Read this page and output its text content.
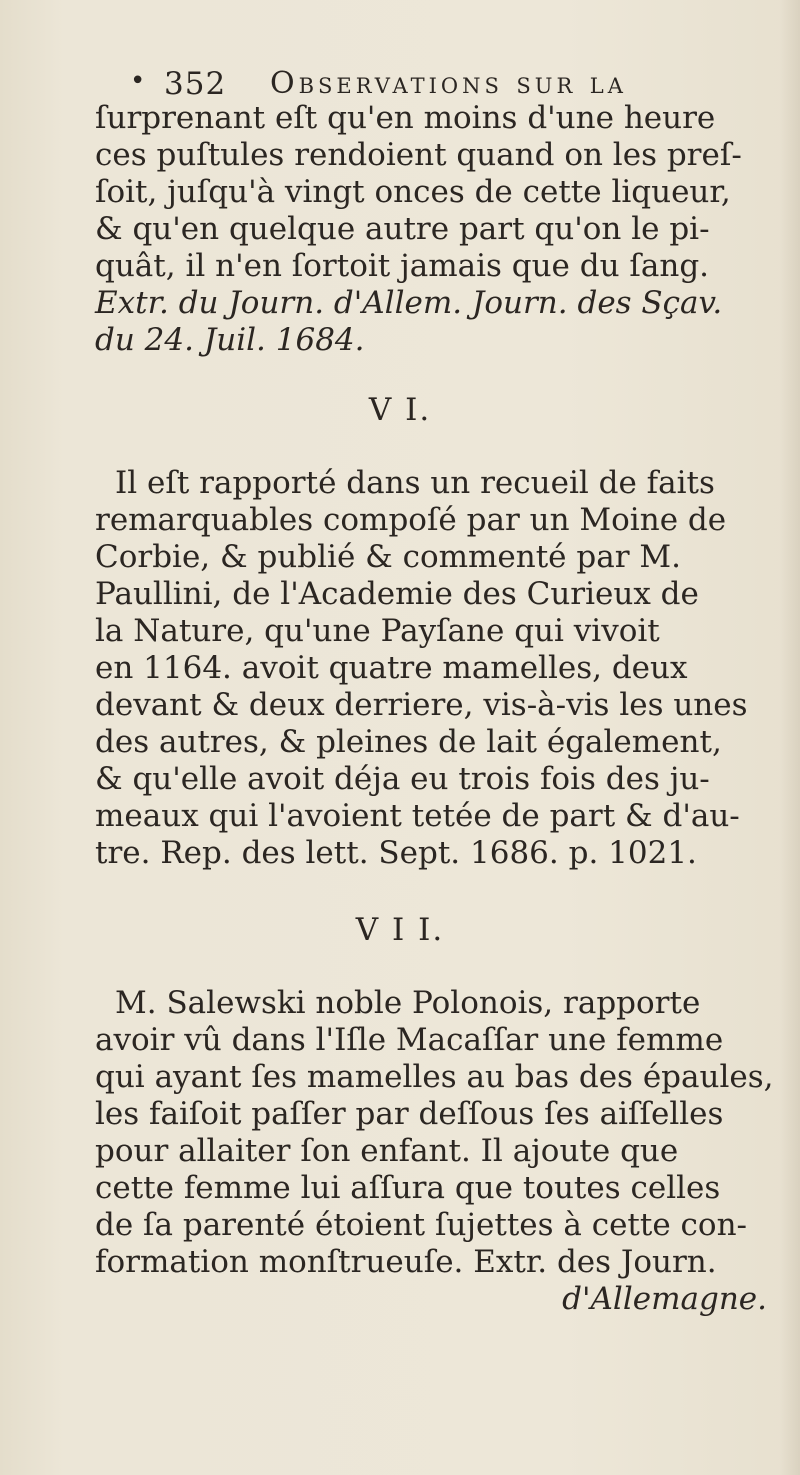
• 352 Observations sur la
ſurprenant eſt qu'en moins d'une heure
ces puſtules rendoient quand on les preſ-
ſoit, juſqu'à vingt onces de cette liqueur,
& qu'en quelque autre part qu'on le pi-
quât, il n'en ſortoit jamais que du ſang.
Extr. du Journ. d'Allem. Journ. des Sçav.
du 24. Juil. 1684.
V I.
Il eſt rapporté dans un recueil de faits
remarquables compoſé par un Moine de
Corbie, & publié & commenté par M.
Paullini, de l'Academie des Curieux de
la Nature, qu'une Payſane qui vivoit
en 1164. avoit quatre mamelles, deux
devant & deux derriere, vis-à-vis les unes
des autres, & pleines de lait également,
& qu'elle avoit déja eu trois fois des ju-
meaux qui l'avoient tetée de part & d'au-
tre. Rep. des lett. Sept. 1686. p. 1021.
V I I.
M. Salewski noble Polonois, rapporte
avoir vû dans l'Iſle Macaſſar une femme
qui ayant ſes mamelles au bas des épaules,
les faiſoit paſſer par deſſous ſes aiſſelles
pour allaiter ſon enfant. Il ajoute que
cette femme lui aſſura que toutes celles
de ſa parenté étoient ſujettes à cette con-
formation monſtrueuſe. Extr. des Journ.
d'Allemagne.
